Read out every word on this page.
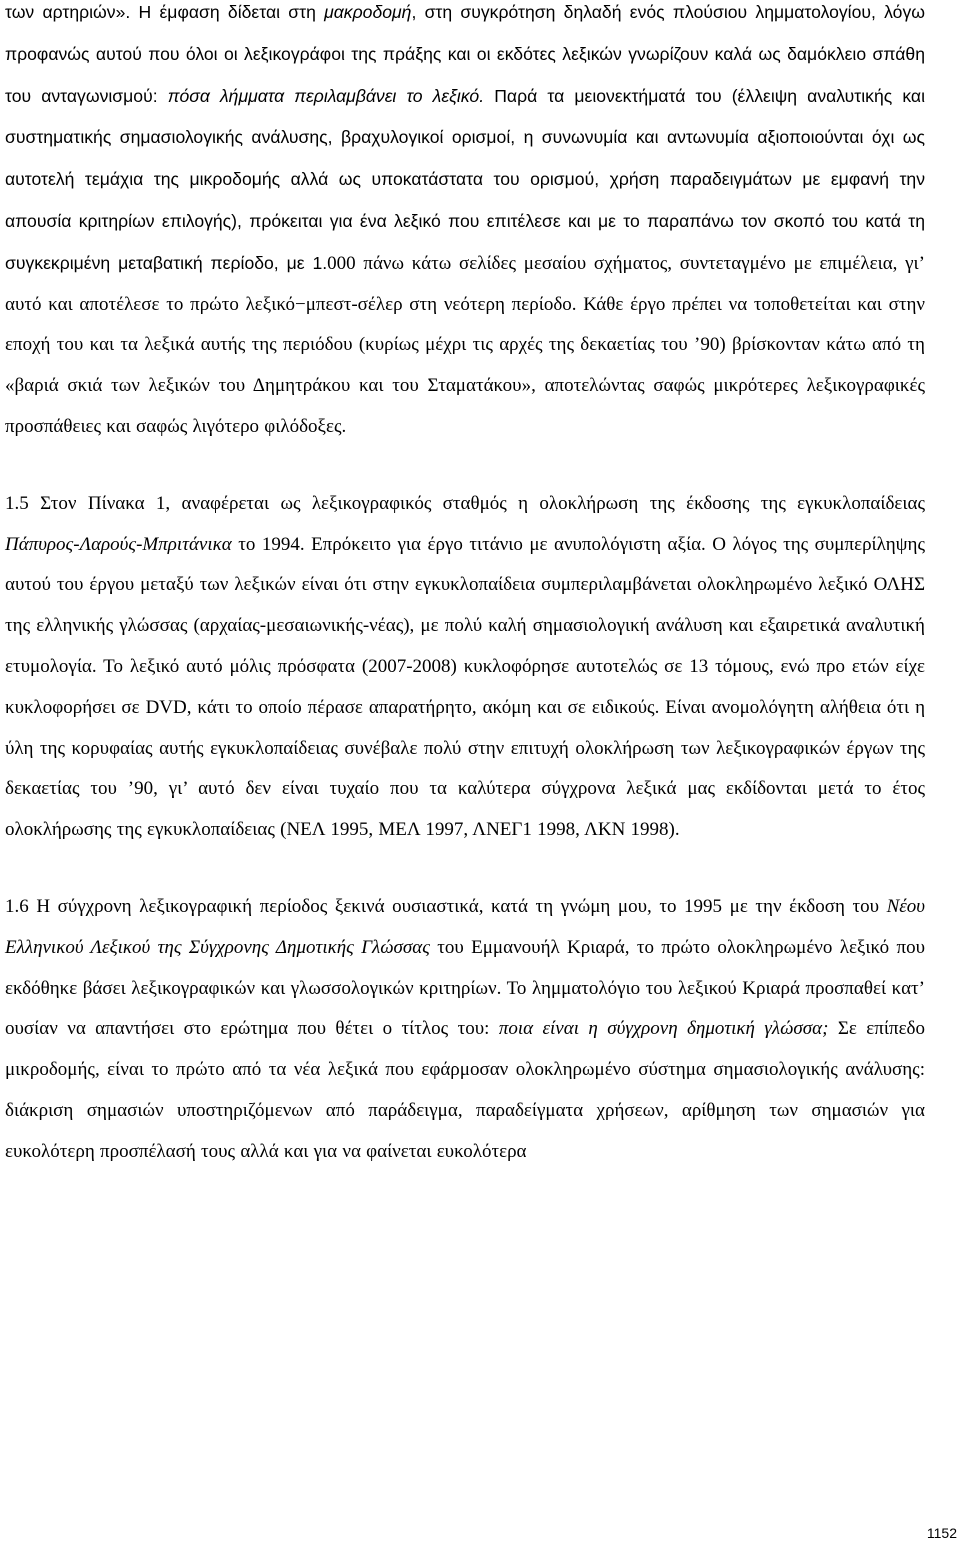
των αρτηριών». Η έμφαση δίδεται στη μακροδομή, στη συγκρότηση δηλαδή ενός πλούσιου λημματολογίου, λόγω προφανώς αυτού που όλοι οι λεξικογράφοι της πράξης και οι εκδότες λεξικών γνωρίζουν καλά ως δαμόκλειο σπάθη του ανταγωνισμού: πόσα λήμματα περιλαμβάνει το λεξικό. Παρά τα μειονεκτήματά του (έλλειψη αναλυτικής και συστηματικής σημασιολογικής ανάλυσης, βραχυλογικοί ορισμοί, η συνωνυμία και αντωνυμία αξιοποιούνται όχι ως αυτοτελή τεμάχια της μικροδομής αλλά ως υποκατάστατα του ορισμού, χρήση παραδειγμάτων με εμφανή την απουσία κριτηρίων επιλογής), πρόκειται για ένα λεξικό που επιτέλεσε και με το παραπάνω τον σκοπό του κατά τη συγκεκριμένη μεταβατική περίοδο, με 1.000 πάνω κάτω σελίδες μεσαίου σχήματος, συντεταγμένο με επιμέλεια, γι’ αυτό και αποτέλεσε το πρώτο λεξικό−μπεστ-σέλερ στη νεότερη περίοδο. Κάθε έργο πρέπει να τοποθετείται και στην εποχή του και τα λεξικά αυτής της περιόδου (κυρίως μέχρι τις αρχές της δεκαετίας του ’90) βρίσκονταν κάτω από τη «βαριά σκιά των λεξικών του Δημητράκου και του Σταματάκου», αποτελώντας σαφώς μικρότερες λεξικογραφικές προσπάθειες και σαφώς λιγότερο φιλόδοξες.

1.5 Στον Πίνακα 1, αναφέρεται ως λεξικογραφικός σταθμός η ολοκλήρωση της έκδοσης της εγκυκλοπαίδειας Πάπυρος-Λαρούς-Μπριτάνικα το 1994. Επρόκειτο για έργο τιτάνιο με ανυπολόγιστη αξία. Ο λόγος της συμπερίληψης αυτού του έργου μεταξύ των λεξικών είναι ότι στην εγκυκλοπαίδεια συμπεριλαμβάνεται ολοκληρωμένο λεξικό ΟΛΗΣ της ελληνικής γλώσσας (αρχαίας-μεσαιωνικής-νέας), με πολύ καλή σημασιολογική ανάλυση και εξαιρετικά αναλυτική ετυμολογία. Το λεξικό αυτό μόλις πρόσφατα (2007-2008) κυκλοφόρησε αυτοτελώς σε 13 τόμους, ενώ προ ετών είχε κυκλοφορήσει σε DVD, κάτι το οποίο πέρασε απαρατήρητο, ακόμη και σε ειδικούς. Είναι ανομολόγητη αλήθεια ότι η ύλη της κορυφαίας αυτής εγκυκλοπαίδειας συνέβαλε πολύ στην επιτυχή ολοκλήρωση των λεξικογραφικών έργων της δεκαετίας του ’90, γι’ αυτό δεν είναι τυχαίο που τα καλύτερα σύγχρονα λεξικά μας εκδίδονται μετά το έτος ολοκλήρωσης της εγκυκλοπαίδειας (ΝΕΛ 1995, ΜΕΛ 1997, ΛΝΕΓ1 1998, ΛΚΝ 1998).

1.6 Η σύγχρονη λεξικογραφική περίοδος ξεκινά ουσιαστικά, κατά τη γνώμη μου, το 1995 με την έκδοση του Νέου Ελληνικού Λεξικού της Σύγχρονης Δημοτικής Γλώσσας του Εμμανουήλ Κριαρά, το πρώτο ολοκληρωμένο λεξικό που εκδόθηκε βάσει λεξικογραφικών και γλωσσολογικών κριτηρίων. Το λημματολόγιο του λεξικού Κριαρά προσπαθεί κατ’ ουσίαν να απαντήσει στο ερώτημα που θέτει ο τίτλος του: ποια είναι η σύγχρονη δημοτική γλώσσα; Σε επίπεδο μικροδομής, είναι το πρώτο από τα νέα λεξικά που εφάρμοσαν ολοκληρωμένο σύστημα σημασιολογικής ανάλυσης: διάκριση σημασιών υποστηριζόμενων από παράδειγμα, παραδείγματα χρήσεων, αρίθμηση των σημασιών για ευκολότερη προσπέλασή τους αλλά και για να φαίνεται ευκολότερα

1152
